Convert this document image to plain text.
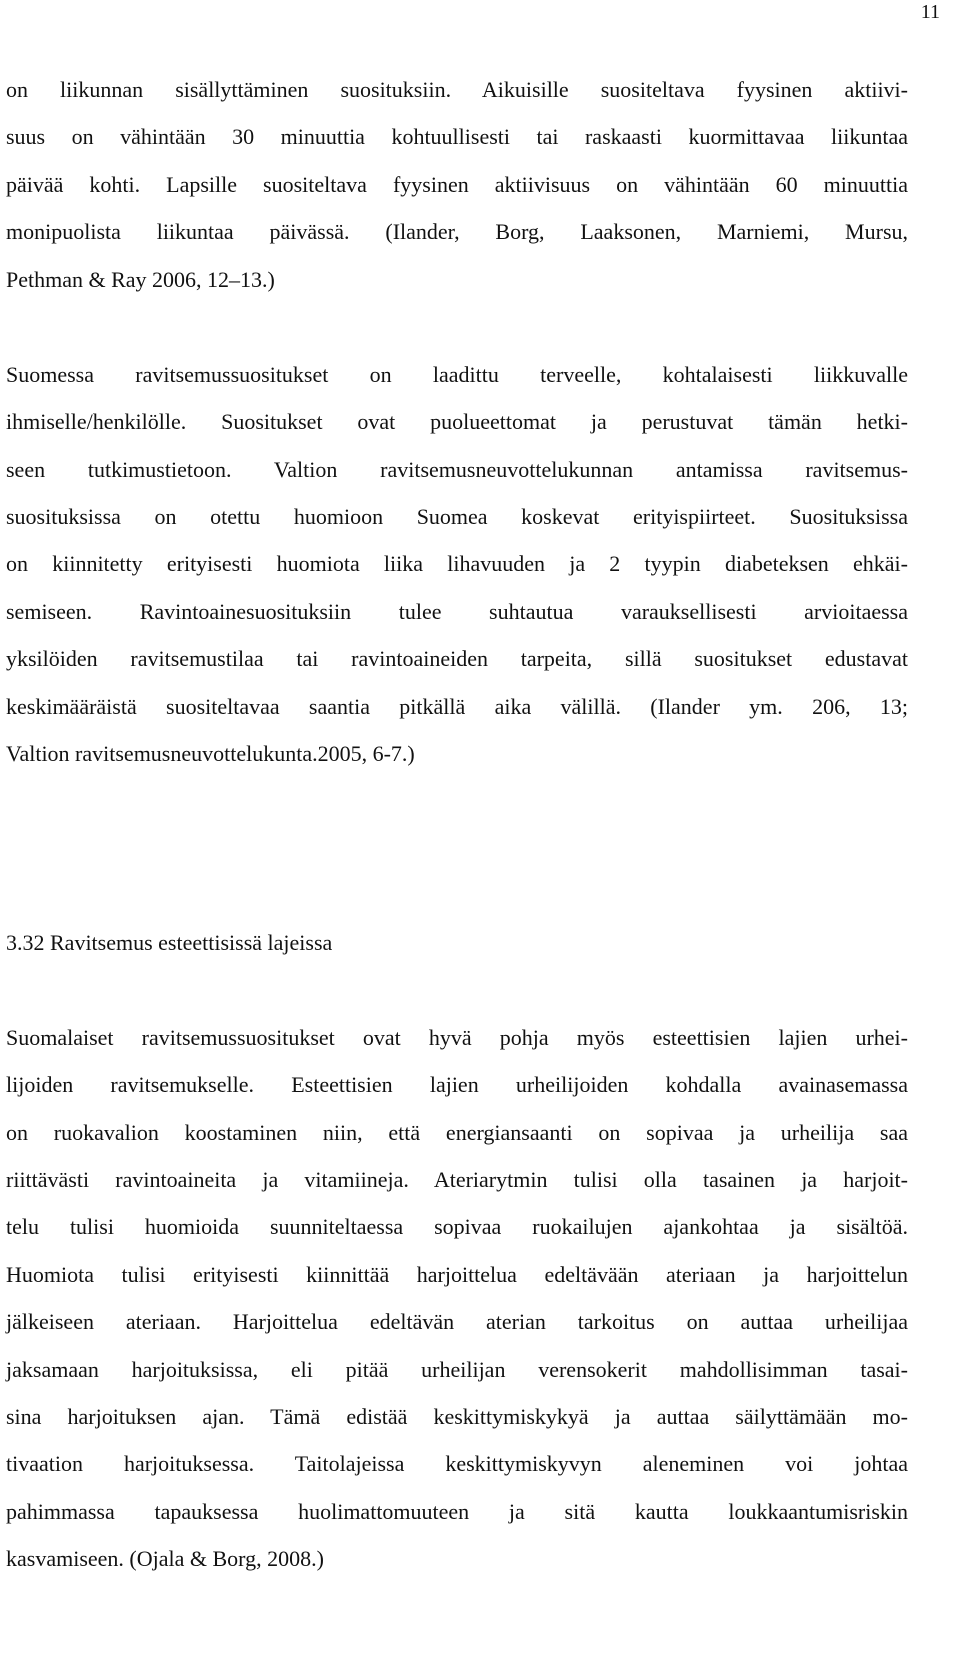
11
on liikunnan sisällyttäminen suosituksiin. Aikuisille suositeltava fyysinen aktiivi-
suus on vähintään 30 minuuttia kohtuullisesti tai raskaasti kuormittavaa liikuntaa
päivää kohti. Lapsille suositeltava fyysinen aktiivisuus on vähintään 60 minuuttia
monipuolista liikuntaa päivässä. (Ilander, Borg, Laaksonen, Marniemi, Mursu,
Pethman & Ray 2006, 12–13.)
Suomessa ravitsemussuositukset on laadittu terveelle, kohtalaisesti liikkuvalle
ihmiselle/henkilölle. Suositukset ovat puolueettomat ja perustuvat tämän hetki-
seen tutkimustietoon. Valtion ravitsemusneuvottelukunnan antamissa ravitsemus-
suosituksissa on otettu huomioon Suomea koskevat erityispiirteet. Suosituksissa
on kiinnitetty erityisesti huomiota liika lihavuuden ja 2 tyypin diabeteksen ehkäi-
semiseen. Ravintoainesuosituksiin tulee suhtautua varauksellisesti arvioitaessa
yksilöiden ravitsemustilaa tai ravintoaineiden tarpeita, sillä suositukset edustavat
keskimääräistä suositeltavaa saantia pitkällä aika välillä. (Ilander ym. 206, 13;
Valtion ravitsemusneuvottelukunta.2005, 6-7.)
3.32 Ravitsemus esteettisissä lajeissa
Suomalaiset ravitsemussuositukset ovat hyvä pohja myös esteettisien lajien urhei-
lijoiden ravitsemukselle. Esteettisien lajien urheilijoiden kohdalla avainasemassa
on ruokavalion koostaminen niin, että energiansaanti on sopivaa ja urheilija saa
riittävästi ravintoaineita ja vitamiineja. Ateriarytmin tulisi olla tasainen ja harjoit-
telu tulisi huomioida suunniteltaessa sopivaa ruokailujen ajankohtaa ja sisältöä.
Huomiota tulisi erityisesti kiinnittää harjoittelua edeltävään ateriaan ja harjoittelun
jälkeiseen ateriaan. Harjoittelua edeltävän aterian tarkoitus on auttaa urheilijaa
jaksamaan harjoituksissa, eli pitää urheilijan verensokerit mahdollisimman tasai-
sina harjoituksen ajan. Tämä edistää keskittymiskykyä ja auttaa säilyttämään mo-
tivaation harjoituksessa. Taitolajeissa keskittymiskyvyn aleneminen voi johtaa
pahimmassa tapauksessa huolimattomuuteen ja sitä kautta loukkaantumisriskin
kasvamiseen. (Ojala & Borg, 2008.)
